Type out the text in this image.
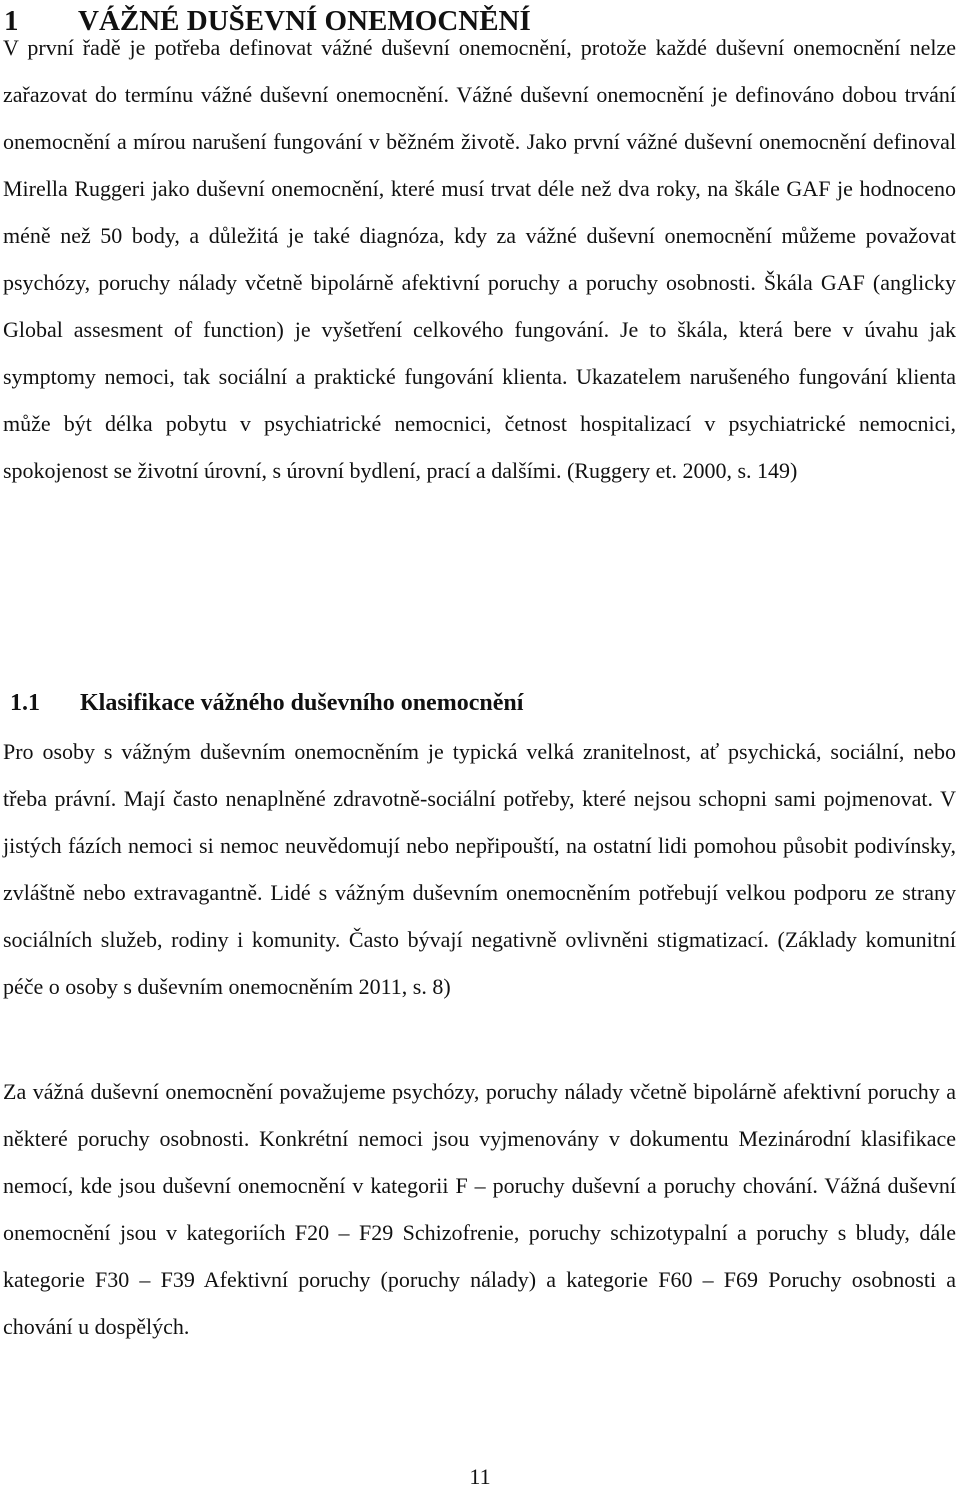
1 VÁŽNÉ DUŠEVNÍ ONEMOCNĚNÍ

V první řadě je potřeba definovat vážné duševní onemocnění, protože každé duševní onemocnění nelze zařazovat do termínu vážné duševní onemocnění. Vážné duševní onemocnění je definováno dobou trvání onemocnění a mírou narušení fungování v běžném životě. Jako první vážné duševní onemocnění definoval Mirella Ruggeri jako duševní onemocnění, které musí trvat déle než dva roky, na škále GAF je hodnoceno méně než 50 body, a důležitá je také diagnóza, kdy za vážné duševní onemocnění můžeme považovat psychózy, poruchy nálady včetně bipolárně afektivní poruchy a poruchy osobnosti. Škála GAF (anglicky Global assesment of function) je vyšetření celkového fungování. Je to škála, která bere v úvahu jak symptomy nemoci, tak sociální a praktické fungování klienta. Ukazatelem narušeného fungování klienta může být délka pobytu v psychiatrické nemocnici, četnost hospitalizací v psychiatrické nemocnici, spokojenost se životní úrovní, s úrovní bydlení, prací a dalšími. (Ruggery et. 2000, s. 149)

1.1 Klasifikace vážného duševního onemocnění

Pro osoby s vážným duševním onemocněním je typická velká zranitelnost, ať psychická, sociální, nebo třeba právní. Mají často nenaplněné zdravotně-sociální potřeby, které nejsou schopni sami pojmenovat. V jistých fázích nemoci si nemoc neuvědomují nebo nepřipouští, na ostatní lidi pomohou působit podivínsky, zvláštně nebo extravagantně. Lidé s vážným duševním onemocněním potřebují velkou podporu ze strany sociálních služeb, rodiny i komunity. Často bývají negativně ovlivněni stigmatizací. (Základy komunitní péče o osoby s duševním onemocněním 2011, s. 8)

Za vážná duševní onemocnění považujeme psychózy, poruchy nálady včetně bipolárně afektivní poruchy a některé poruchy osobnosti. Konkrétní nemoci jsou vyjmenovány v dokumentu Mezinárodní klasifikace nemocí, kde jsou duševní onemocnění v kategorii F – poruchy duševní a poruchy chování. Vážná duševní onemocnění jsou v kategoriích F20 – F29 Schizofrenie, poruchy schizotypalní a poruchy s bludy, dále kategorie F30 – F39 Afektivní poruchy (poruchy nálady) a kategorie F60 – F69 Poruchy osobnosti a chování u dospělých.

11
